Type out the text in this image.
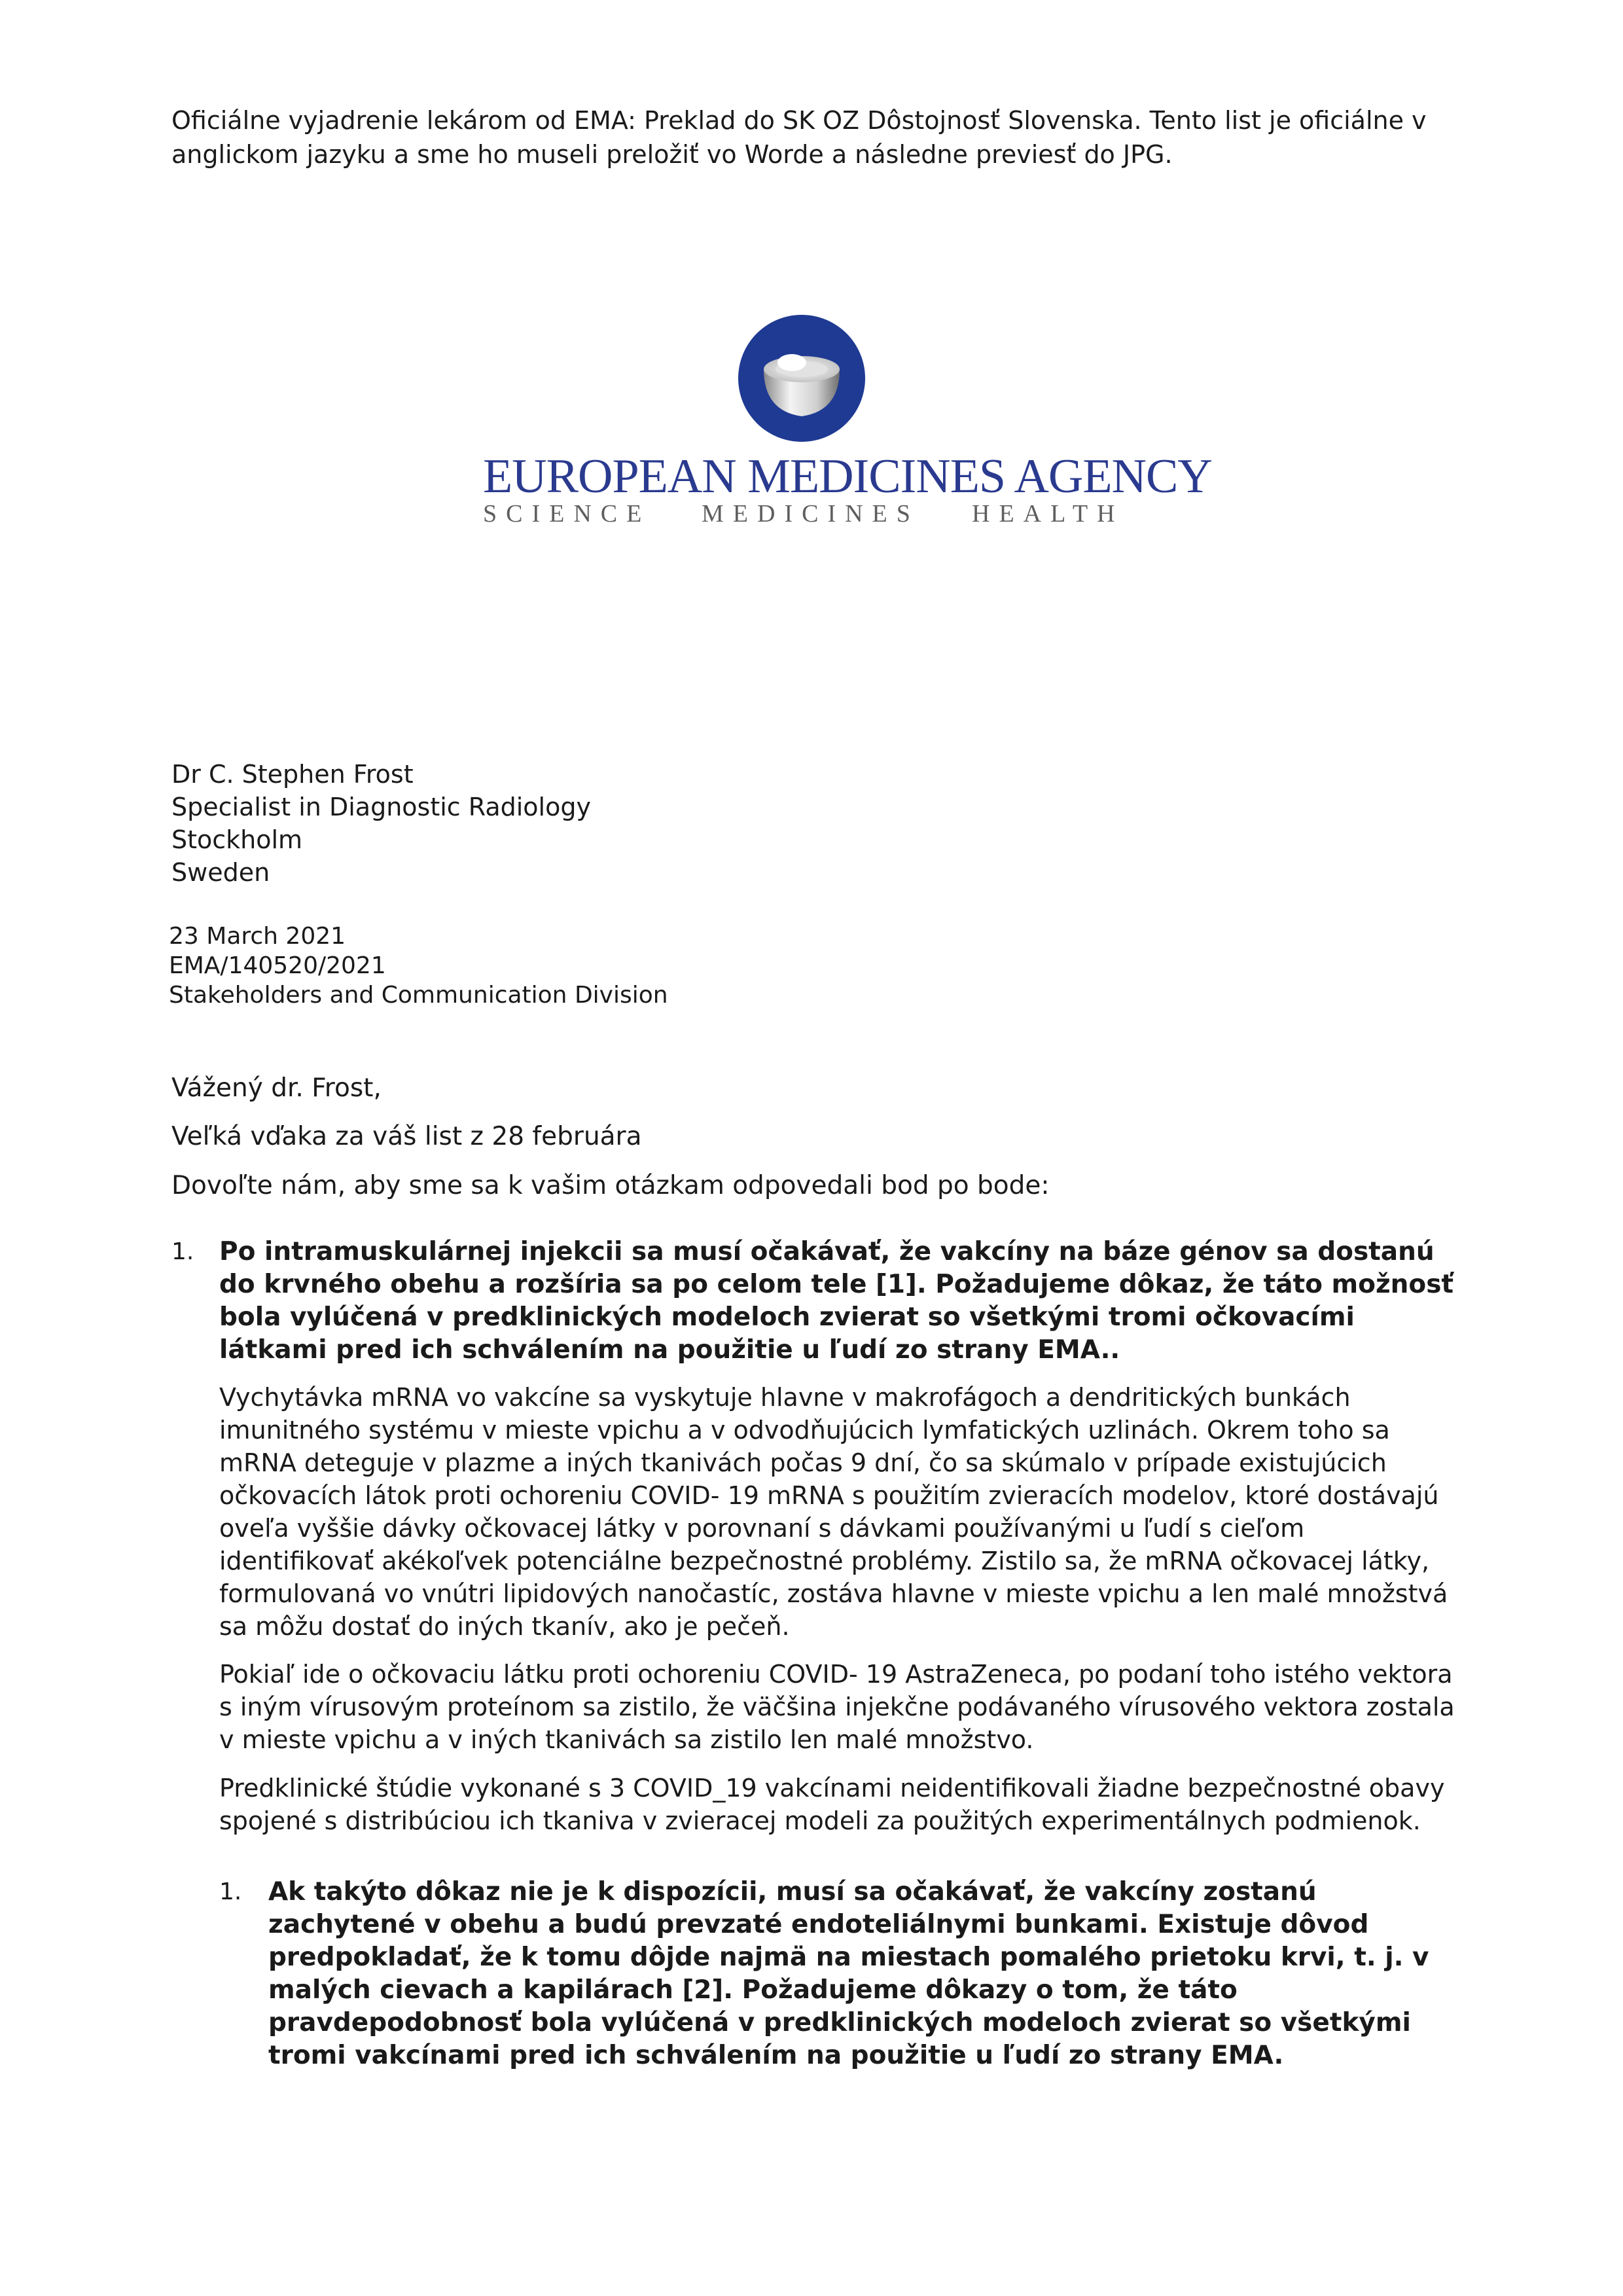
Oficiálne vyjadrenie lekárom od EMA: Preklad do SK OZ Dôstojnosť Slovenska. Tento list je oficiálne v anglickom jazyku a sme ho museli preložiť vo Worde a následne previesť do JPG.
EUROPEAN MEDICINES AGENCY
SCIENCE MEDICINES HEALTH
Dr C. Stephen Frost
Specialist in Diagnostic Radiology
Stockholm
Sweden
23 March 2021
EMA/140520/2021
Stakeholders and Communication Division
Vážený dr. Frost,
Veľká vďaka za váš list z 28 februára
Dovoľte nám, aby sme sa k vašim otázkam odpovedali bod po bode:
1. Po intramuskulárnej injekcii sa musí očakávať, že vakcíny na báze génov sa dostanú do krvného obehu a rozšíria sa po celom tele [1]. Požadujeme dôkaz, že táto možnosť bola vylúčená v predklinických modeloch zvierat so všetkými tromi očkovacími látkami pred ich schválením na použitie u ľudí zo strany EMA..
Vychytávka mRNA vo vakcíne sa vyskytuje hlavne v makrofágoch a dendritických bunkách imunitného systému v mieste vpichu a v odvodňujúcich lymfatických uzlinách. Okrem toho sa mRNA deteguje v plazme a iných tkanivách počas 9 dní, čo sa skúmalo v prípade existujúcich očkovacích látok proti ochoreniu COVID- 19 mRNA s použitím zvieracích modelov, ktoré dostávajú oveľa vyššie dávky očkovacej látky v porovnaní s dávkami používanými u ľudí s cieľom identifikovať akékoľvek potenciálne bezpečnostné problémy. Zistilo sa, že mRNA očkovacej látky, formulovaná vo vnútri lipidových nanočastíc, zostáva hlavne v mieste vpichu a len malé množstvá sa môžu dostať do iných tkanív, ako je pečeň.
Pokiaľ ide o očkovaciu látku proti ochoreniu COVID- 19 AstraZeneca, po podaní toho istého vektora s iným vírusovým proteínom sa zistilo, že väčšina injekčne podávaného vírusového vektora zostala v mieste vpichu a v iných tkanivách sa zistilo len malé množstvo.
Predklinické štúdie vykonané s 3 COVID_19 vakcínami neidentifikovali žiadne bezpečnostné obavy spojené s distribúciou ich tkaniva v zvieracej modeli za použitých experimentálnych podmienok.
1. Ak takýto dôkaz nie je k dispozícii, musí sa očakávať, že vakcíny zostanú zachytené v obehu a budú prevzaté endoteliálnymi bunkami. Existuje dôvod predpokladať, že k tomu dôjde najmä na miestach pomalého prietoku krvi, t. j. v malých cievach a kapilárach [2]. Požadujeme dôkazy o tom, že táto pravdepodobnosť bola vylúčená v predklinických modeloch zvierat so všetkými tromi vakcínami pred ich schválením na použitie u ľudí zo strany EMA.
